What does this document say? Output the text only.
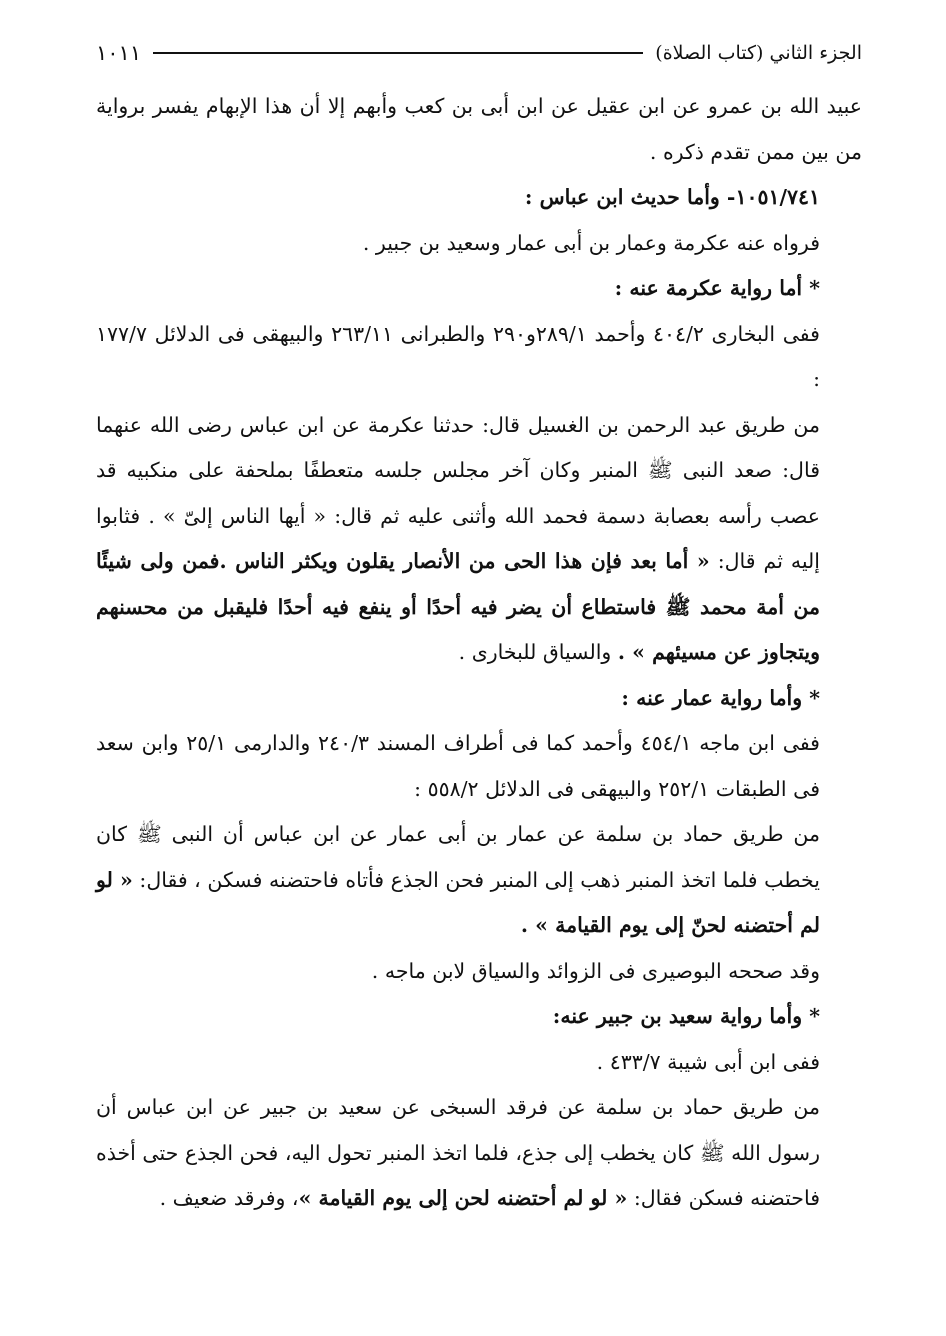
الجزء الثاني (كتاب الصلاة)
١٠١١

عبيد الله بن عمرو عن ابن عقيل عن ابن أبى بن كعب وأبهم إلا أن هذا الإبهام يفسر برواية من بين ممن تقدم ذكره .

١٠٥١/٧٤١- وأما حديث ابن عباس :

فرواه عنه عكرمة وعمار بن أبى عمار وسعيد بن جبير .

* أما رواية عكرمة عنه :

ففى البخارى ٤٠٤/٢ وأحمد ٢٨٩/١و٢٩٠ والطبرانى ٢٦٣/١١ والبيهقى فى الدلائل ١٧٧/٧ :

من طريق عبد الرحمن بن الغسيل قال: حدثنا عكرمة عن ابن عباس رضى الله عنهما قال: صعد النبى ﷺ المنبر وكان آخر مجلس جلسه متعطفًا بملحفة على منكبيه قد عصب رأسه بعصابة دسمة فحمد الله وأثنى عليه ثم قال: « أيها الناس إلىّ » . فثابوا إليه ثم قال: « أما بعد فإن هذا الحى من الأنصار يقلون ويكثر الناس .فمن ولى شيئًا من أمة محمد ﷺ فاستطاع أن يضر فيه أحدًا أو ينفع فيه أحدًا فليقبل من محسنهم ويتجاوز عن مسيئهم » . والسياق للبخارى .

* وأما رواية عمار عنه :

ففى ابن ماجه ٤٥٤/١ وأحمد كما فى أطراف المسند ٢٤٠/٣ والدارمى ٢٥/١ وابن سعد فى الطبقات ٢٥٢/١ والبيهقى فى الدلائل ٥٥٨/٢ :

من طريق حماد بن سلمة عن عمار بن أبى عمار عن ابن عباس أن النبى ﷺ كان يخطب فلما اتخذ المنبر ذهب إلى المنبر فحن الجذع فأتاه فاحتضنه فسكن ، فقال: « لو لم أحتضنه لحنّ إلى يوم القيامة » .

وقد صححه البوصيرى فى الزوائد والسياق لابن ماجه .

* وأما رواية سعيد بن جبير عنه:

ففى ابن أبى شيبة ٤٣٣/٧ .

من طريق حماد بن سلمة عن فرقد السبخى عن سعيد بن جبير عن ابن عباس أن رسول الله ﷺ كان يخطب إلى جذع، فلما اتخذ المنبر تحول اليه، فحن الجذع حتى أخذه فاحتضنه فسكن فقال: « لو لم أحتضنه لحن إلى يوم القيامة »، وفرقد ضعيف .
